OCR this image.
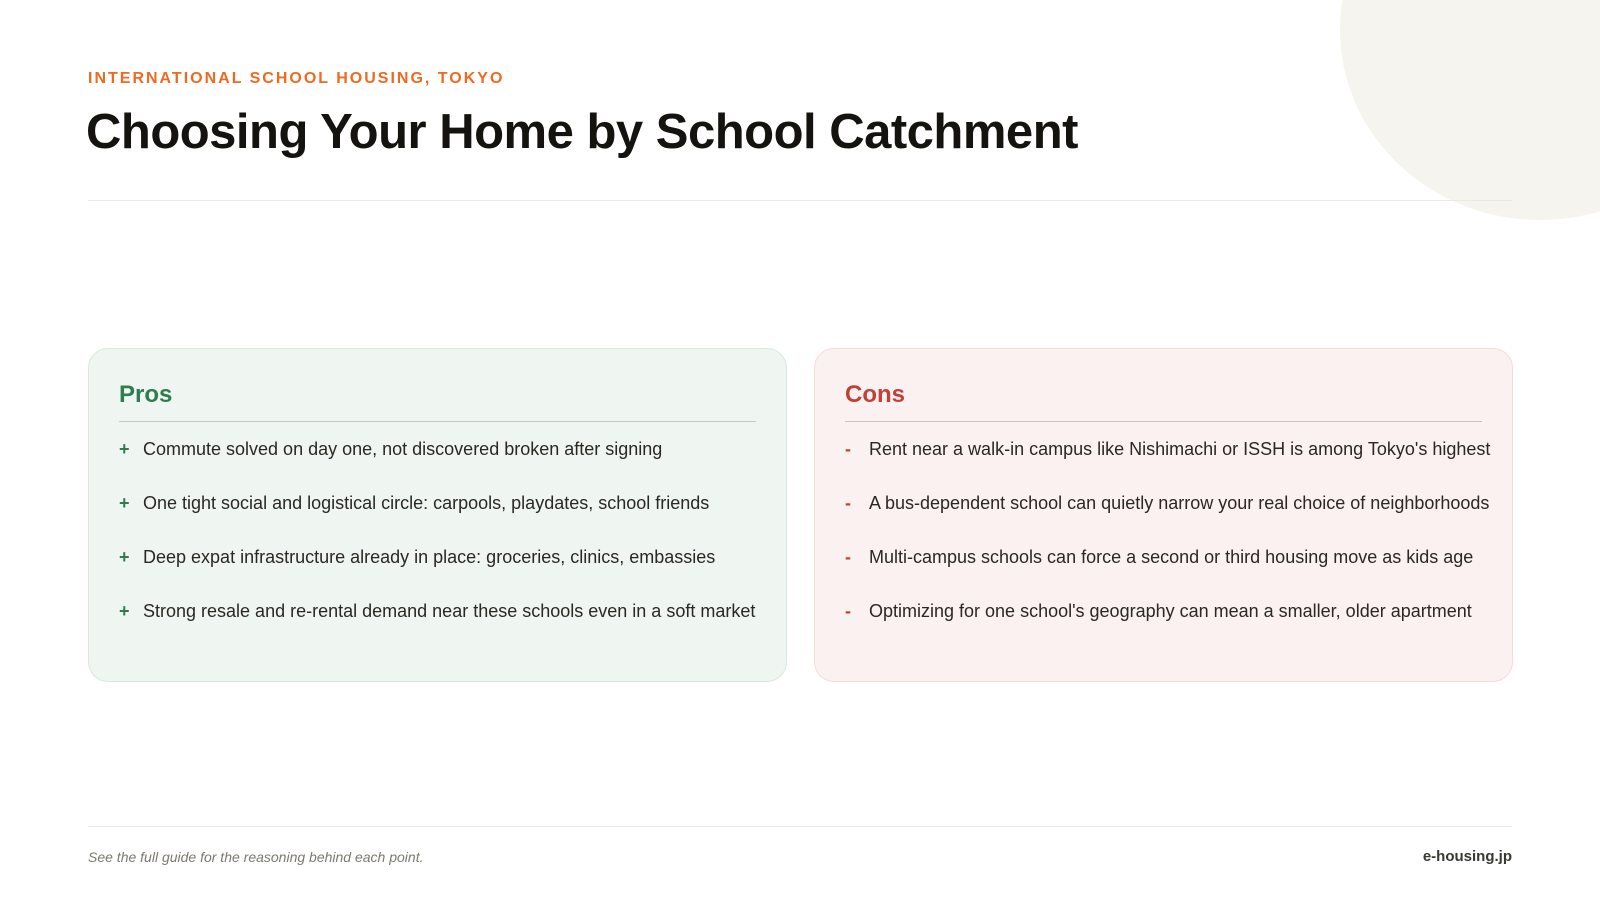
INTERNATIONAL SCHOOL HOUSING, TOKYO
Choosing Your Home by School Catchment
Pros
+ Commute solved on day one, not discovered broken after signing
+ One tight social and logistical circle: carpools, playdates, school friends
+ Deep expat infrastructure already in place: groceries, clinics, embassies
+ Strong resale and re-rental demand near these schools even in a soft market
Cons
-	Rent near a walk-in campus like Nishimachi or ISSH is among Tokyo's highest
-	A bus-dependent school can quietly narrow your real choice of neighborhoods
-	Multi-campus schools can force a second or third housing move as kids age
-	Optimizing for one school's geography can mean a smaller, older apartment
See the full guide for the reasoning behind each point.	e-housing.jp
